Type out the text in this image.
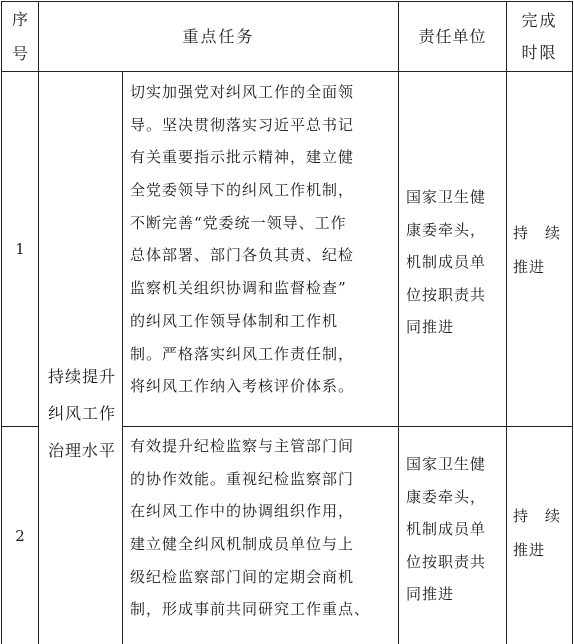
序号
重点任务	责任单位
完成时限
1
持续提升纠风工作治理水平

切实加强党对纠风工作的全面领

导。坚决贯彻落实习近平总书记

有关重要指示批示精神，建立健

全党委领导下的纠风工作机制，

不断完善“党委统一领导、工作

总体部署、部门各负其责、纪检

监察机关组织协调和监督检查”

的纠风工作领导体制和工作机

制。严格落实纠风工作责任制，

将纠风工作纳入考核评价体系。

国家卫生健

康委牵头，

机制成员单

位按职责共

同推进

持　续

推进

2

有效提升纪检监察与主管部门间

的协作效能。重视纪检监察部门

在纠风工作中的协调组织作用，

建立健全纠风机制成员单位与上

级纪检监察部门间的定期会商机

制，形成事前共同研究工作重点、

国家卫生健

康委牵头，

机制成员单

位按职责共

同推进

持　续

推进
